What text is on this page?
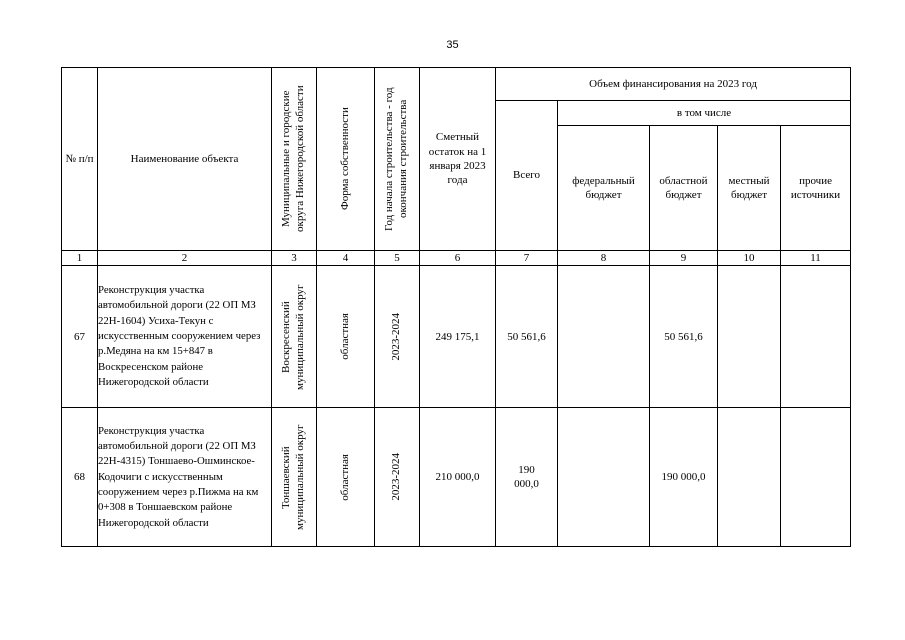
35
№ п/п	Наименование объекта	Муниципальные и городские округа Нижегородской области	Форма собственности	Год начала строительства - год окончания строительства	Сметный остаток на 1 января 2023 года	Объем финансирования на 2023 год				
						Всего	в том числе			
							федеральный бюджет	областной бюджет	местный бюджет	прочие источники
1	2	3	4	5	6	7	8	9	10	11
67	Реконструкция участка автомобильной дороги (22 ОП МЗ 22Н-1604) Усиха-Текун с искусственным сооружением через р.Медяна на км 15+847 в Воскресенском районе Нижегородской области	Воскресенский муниципальный округ	областная	2023-2024	249 175,1	50 561,6		50 561,6		
68	Реконструкция участка автомобильной дороги (22 ОП МЗ 22Н-4315) Тоншаево-Ошминское-Кодочиги с искусственным сооружением через р.Пижма на км 0+308 в Тоншаевском районе Нижегородской области	Тоншаевский муниципальный округ	областная	2023-2024	210 000,0	190 000,0		190 000,0		
